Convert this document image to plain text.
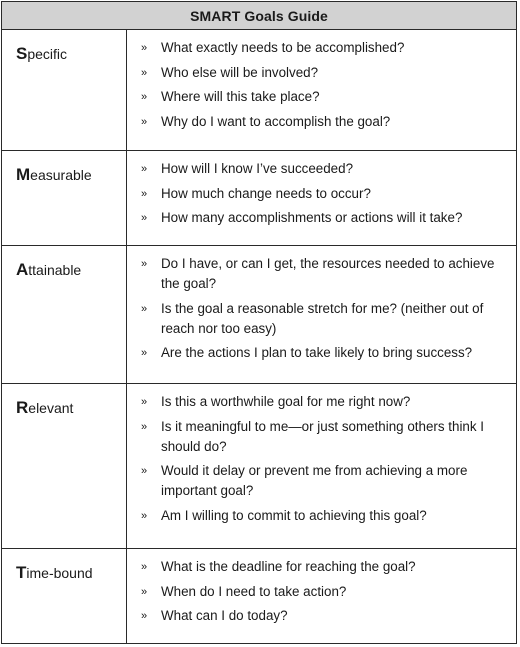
SMART Goals Guide
Specific	»	What exactly needs to be accomplished?
»	Who else will be involved?
»	Where will this take place?
»	Why do I want to accomplish the goal?
Measurable	»	How will I know I’ve succeeded?
»	How much change needs to occur?
»	How many accomplishments or actions will it take?
Attainable	»	Do I have, or can I get, the resources needed to achieve the goal?
»	Is the goal a reasonable stretch for me? (neither out of reach nor too easy)
»	Are the actions I plan to take likely to bring success?
Relevant	»	Is this a worthwhile goal for me right now?
»	Is it meaningful to me—or just something others think I should do?
»	Would it delay or prevent me from achieving a more important goal?
»	Am I willing to commit to achieving this goal?
Time-bound	»	What is the deadline for reaching the goal?
»	When do I need to take action?
»	What can I do today?
